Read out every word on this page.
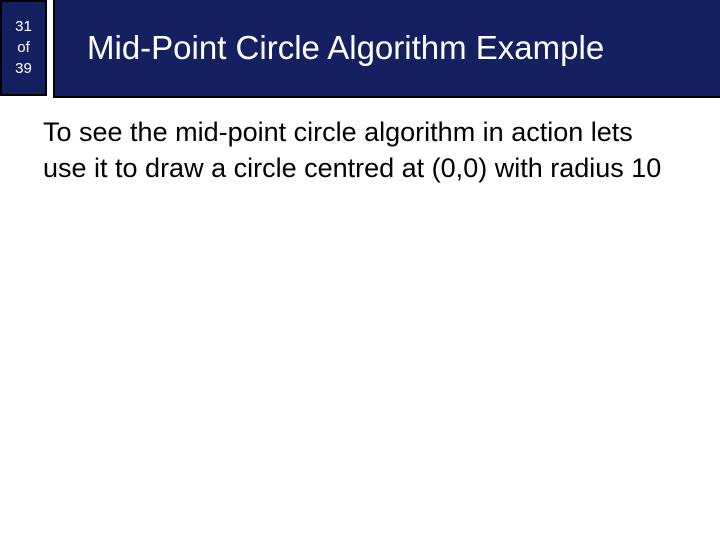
31
of
39
Mid-Point Circle Algorithm Example

To see the mid-point circle algorithm in action lets use it to draw a circle centred at (0,0) with radius 10
